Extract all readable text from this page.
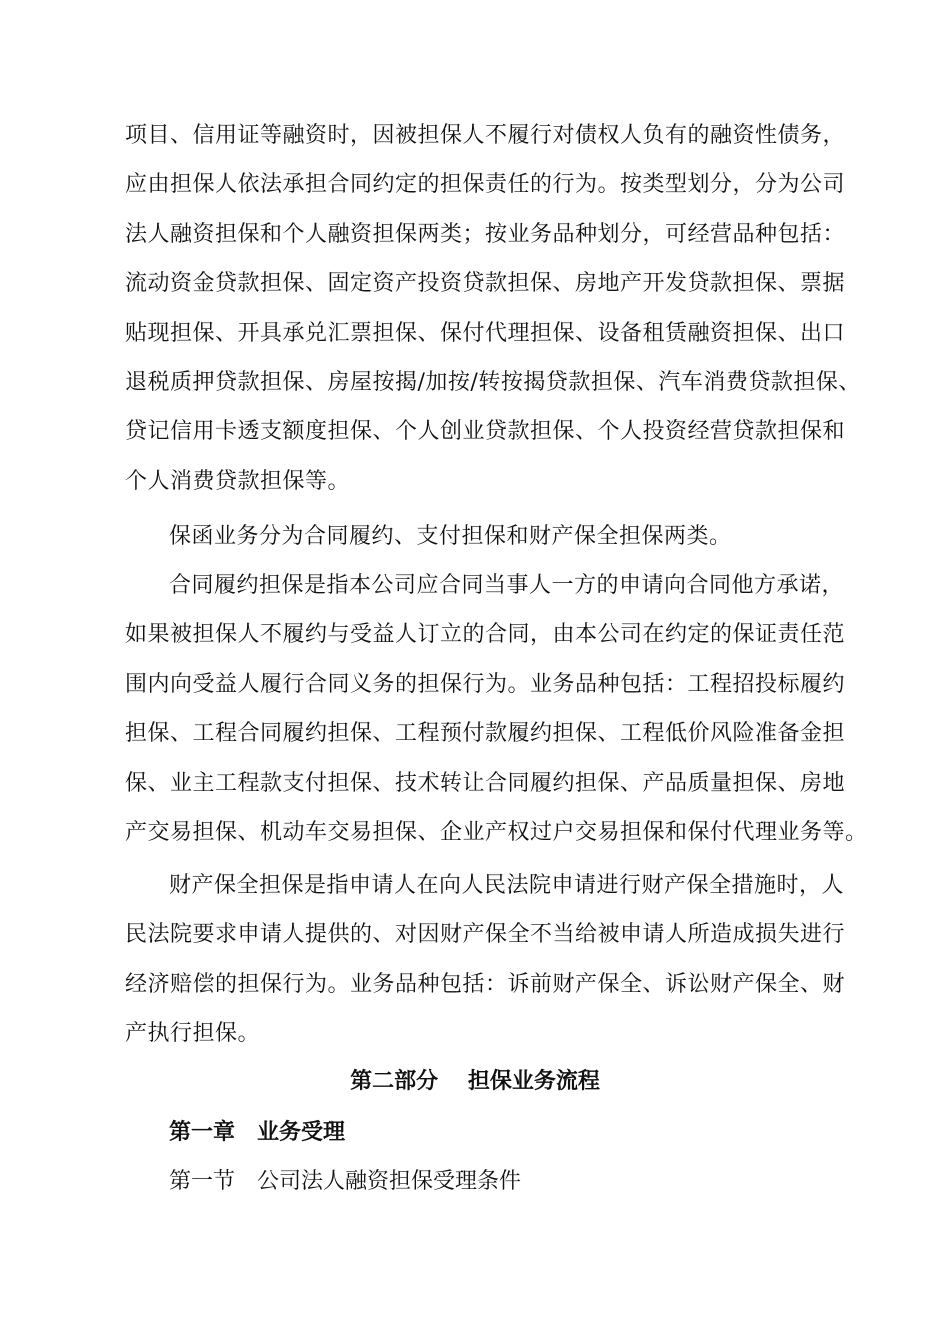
项目、信用证等融资时，因被担保人不履行对债权人负有的融资性债务，
应由担保人依法承担合同约定的担保责任的行为。按类型划分，分为公司
法人融资担保和个人融资担保两类；按业务品种划分，可经营品种包括：
流动资金贷款担保、固定资产投资贷款担保、房地产开发贷款担保、票据
贴现担保、开具承兑汇票担保、保付代理担保、设备租赁融资担保、出口
退税质押贷款担保、房屋按揭/加按/转按揭贷款担保、汽车消费贷款担保、
贷记信用卡透支额度担保、个人创业贷款担保、个人投资经营贷款担保和
个人消费贷款担保等。
保函业务分为合同履约、支付担保和财产保全担保两类。
合同履约担保是指本公司应合同当事人一方的申请向合同他方承诺，
如果被担保人不履约与受益人订立的合同，由本公司在约定的保证责任范
围内向受益人履行合同义务的担保行为。业务品种包括：工程招投标履约
担保、工程合同履约担保、工程预付款履约担保、工程低价风险准备金担
保、业主工程款支付担保、技术转让合同履约担保、产品质量担保、房地
产交易担保、机动车交易担保、企业产权过户交易担保和保付代理业务等。
财产保全担保是指申请人在向人民法院申请进行财产保全措施时，人
民法院要求申请人提供的、对因财产保全不当给被申请人所造成损失进行
经济赔偿的担保行为。业务品种包括：诉前财产保全、诉讼财产保全、财
产执行担保。
第二部分　 担保业务流程
第一章　业务受理
第一节　公司法人融资担保受理条件
